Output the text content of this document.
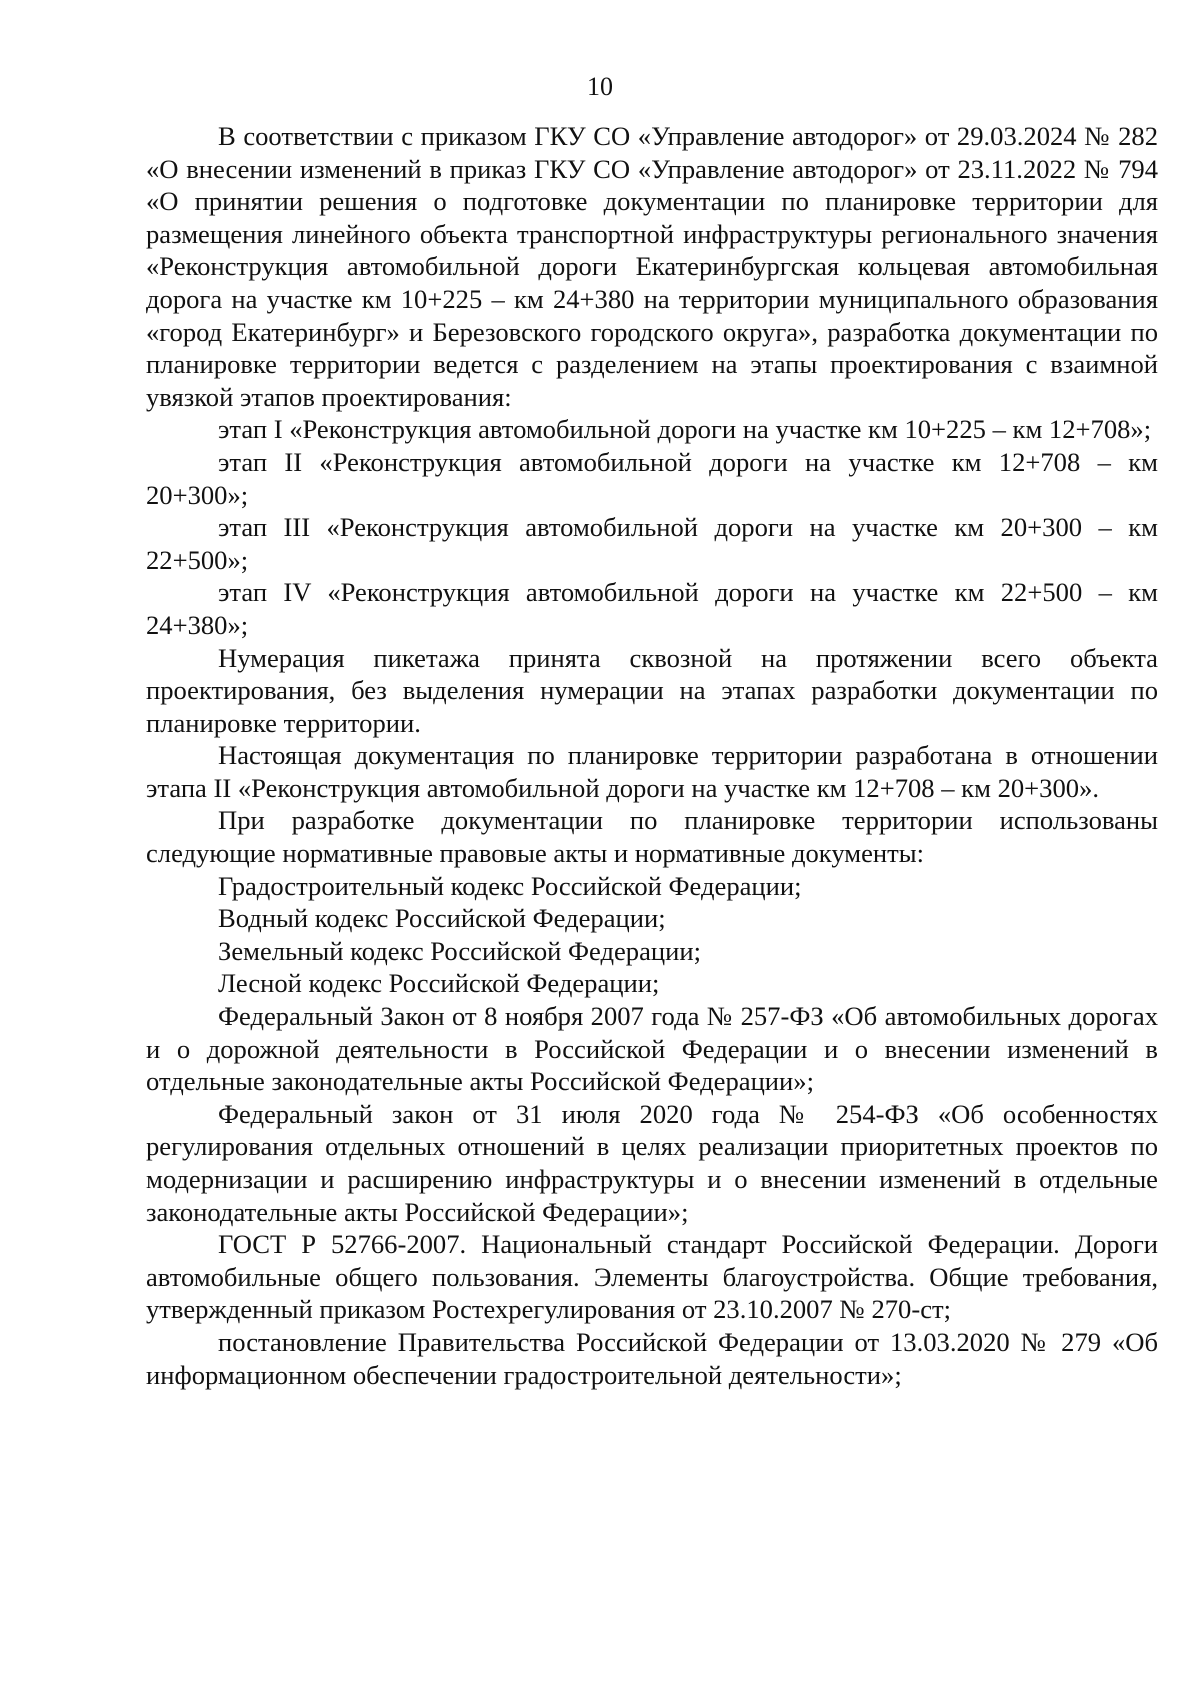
10

В соответствии с приказом ГКУ СО «Управление автодорог» от 29.03.2024 № 282 «О внесении изменений в приказ ГКУ СО «Управление автодорог» от 23.11.2022 № 794 «О принятии решения о подготовке документации по планировке территории для размещения линейного объекта транспортной инфраструктуры регионального значения «Реконструкция автомобильной дороги Екатеринбургская кольцевая автомобильная дорога на участке км 10+225 – км 24+380 на территории муниципального образования «город Екатеринбург» и Березовского городского округа», разработка документации по планировке территории ведется с разделением на этапы проектирования с взаимной увязкой этапов проектирования:

этап I «Реконструкция автомобильной дороги на участке км 10+225 – км 12+708»;

этап II «Реконструкция автомобильной дороги на участке км 12+708 – км 20+300»;

этап III «Реконструкция автомобильной дороги на участке км 20+300 – км 22+500»;

этап IV «Реконструкция автомобильной дороги на участке км 22+500 – км 24+380»;

Нумерация пикетажа принята сквозной на протяжении всего объекта проектирования, без выделения нумерации на этапах разработки документации по планировке территории.

Настоящая документация по планировке территории разработана в отношении этапа II «Реконструкция автомобильной дороги на участке км 12+708 – км 20+300».

При разработке документации по планировке территории использованы следующие нормативные правовые акты и нормативные документы:

Градостроительный кодекс Российской Федерации;

Водный кодекс Российской Федерации;

Земельный кодекс Российской Федерации;

Лесной кодекс Российской Федерации;

Федеральный Закон от 8 ноября 2007 года № 257-ФЗ «Об автомобильных дорогах и о дорожной деятельности в Российской Федерации и о внесении изменений в отдельные законодательные акты Российской Федерации»;

Федеральный закон от 31 июля 2020 года № 254-ФЗ «Об особенностях регулирования отдельных отношений в целях реализации приоритетных проектов по модернизации и расширению инфраструктуры и о внесении изменений в отдельные законодательные акты Российской Федерации»;

ГОСТ Р 52766-2007. Национальный стандарт Российской Федерации. Дороги автомобильные общего пользования. Элементы благоустройства. Общие требования, утвержденный приказом Ростехрегулирования от 23.10.2007 № 270-ст;

постановление Правительства Российской Федерации от 13.03.2020 № 279 «Об информационном обеспечении градостроительной деятельности»;
